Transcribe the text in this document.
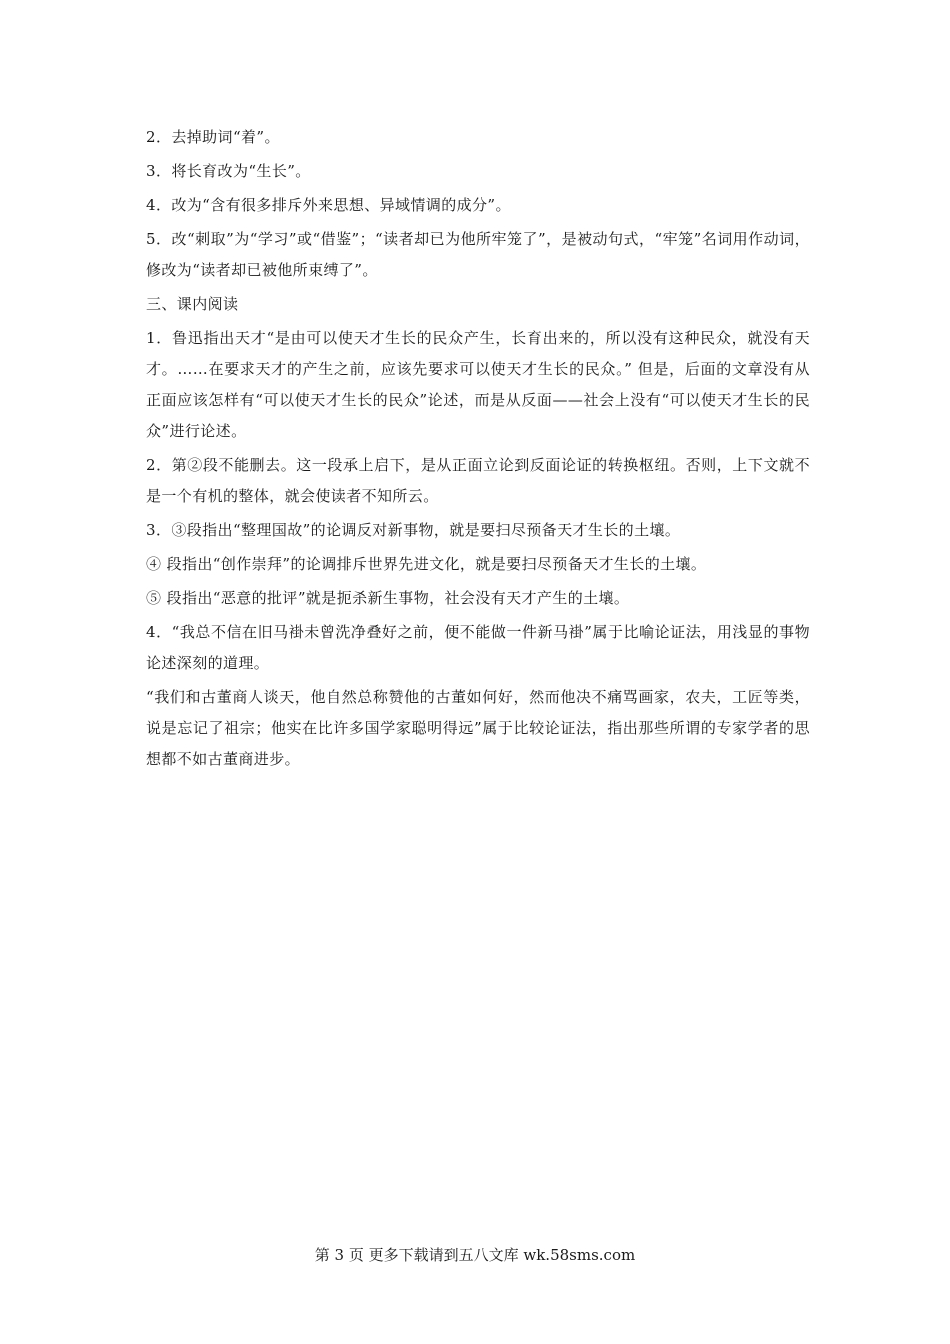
2．去掉助词“着”。

3．将长育改为“生长”。

4．改为“含有很多排斥外来思想、异域情调的成分”。

5．改“刺取”为“学习”或“借鉴”；“读者却已为他所牢笼了”，是被动句式，“牢笼”名词用作动词，修改为“读者却已被他所束缚了”。

三、课内阅读

1．鲁迅指出天才“是由可以使天才生长的民众产生，长育出来的，所以没有这种民众，就没有天才。……在要求天才的产生之前，应该先要求可以使天才生长的民众。” 但是，后面的文章没有从正面应该怎样有“可以使天才生长的民众”论述，而是从反面——社会上没有“可以使天才生长的民众”进行论述。

2．第②段不能删去。这一段承上启下，是从正面立论到反面论证的转换枢纽。否则，上下文就不是一个有机的整体，就会使读者不知所云。

3．③段指出“整理国故”的论调反对新事物，就是要扫尽预备天才生长的土壤。

④ 段指出“创作崇拜”的论调排斥世界先进文化，就是要扫尽预备天才生长的土壤。

⑤ 段指出“恶意的批评”就是扼杀新生事物，社会没有天才产生的土壤。

4．“我总不信在旧马褂未曾洗净叠好之前，便不能做一件新马褂”属于比喻论证法，用浅显的事物论述深刻的道理。

“我们和古董商人谈天，他自然总称赞他的古董如何好，然而他决不痛骂画家，农夫，工匠等类，说是忘记了祖宗；他实在比许多国学家聪明得远”属于比较论证法，指出那些所谓的专家学者的思想都不如古董商进步。

第 3 页 更多下载请到五八文库 wk.58sms.com
